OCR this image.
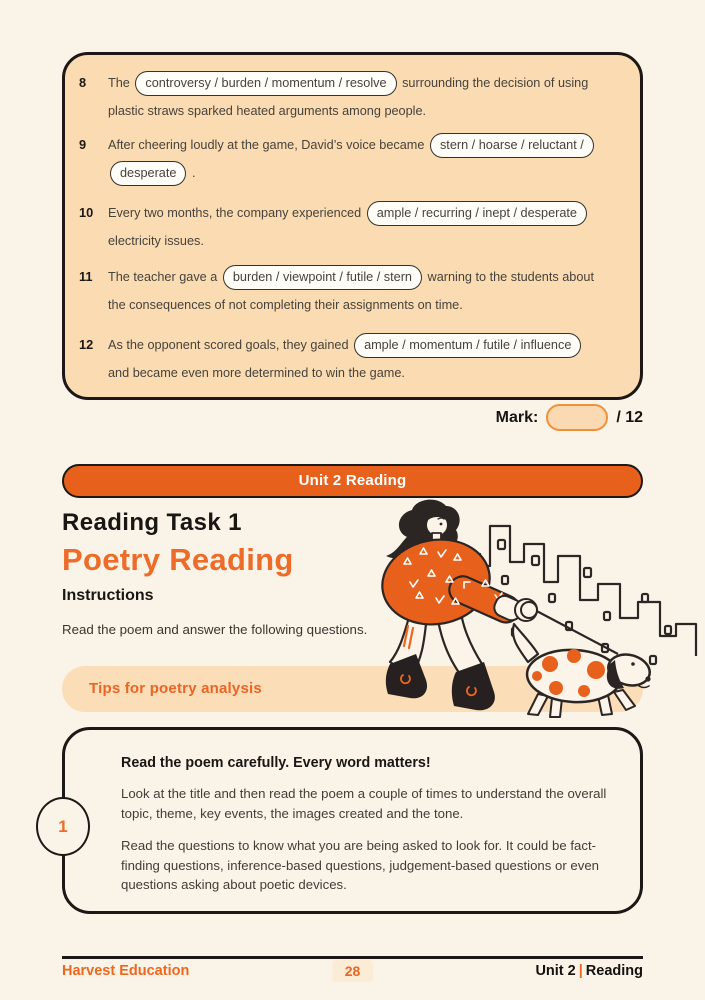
8	The controversy / burden / momentum / resolve surrounding the decision of using
plastic straws sparked heated arguments among people.
9	After cheering loudly at the game, David’s voice became stern / hoarse / reluctant /
desperate .
10	Every two months, the company experienced ample / recurring / inept / desperate
electricity issues.
11	The teacher gave a burden / viewpoint / futile / stern warning to the students about
the consequences of not completing their assignments on time.
12	As the opponent scored goals, they gained ample / momentum / futile / influence
and became even more determined to win the game.
Mark:	/ 12
Unit 2 Reading
Reading Task 1
Poetry Reading
Instructions
Read the poem and answer the following questions.
Tips for poetry analysis
Read the poem carefully. Every word matters!
Look at the title and then read the poem a couple of times to understand the overall topic, theme, key events, the images created and the tone.
Read the questions to know what you are being asked to look for. It could be fact-finding questions, inference-based questions, judgement-based questions or even questions asking about poetic devices.
1
Harvest Education	28	Unit 2 | Reading
